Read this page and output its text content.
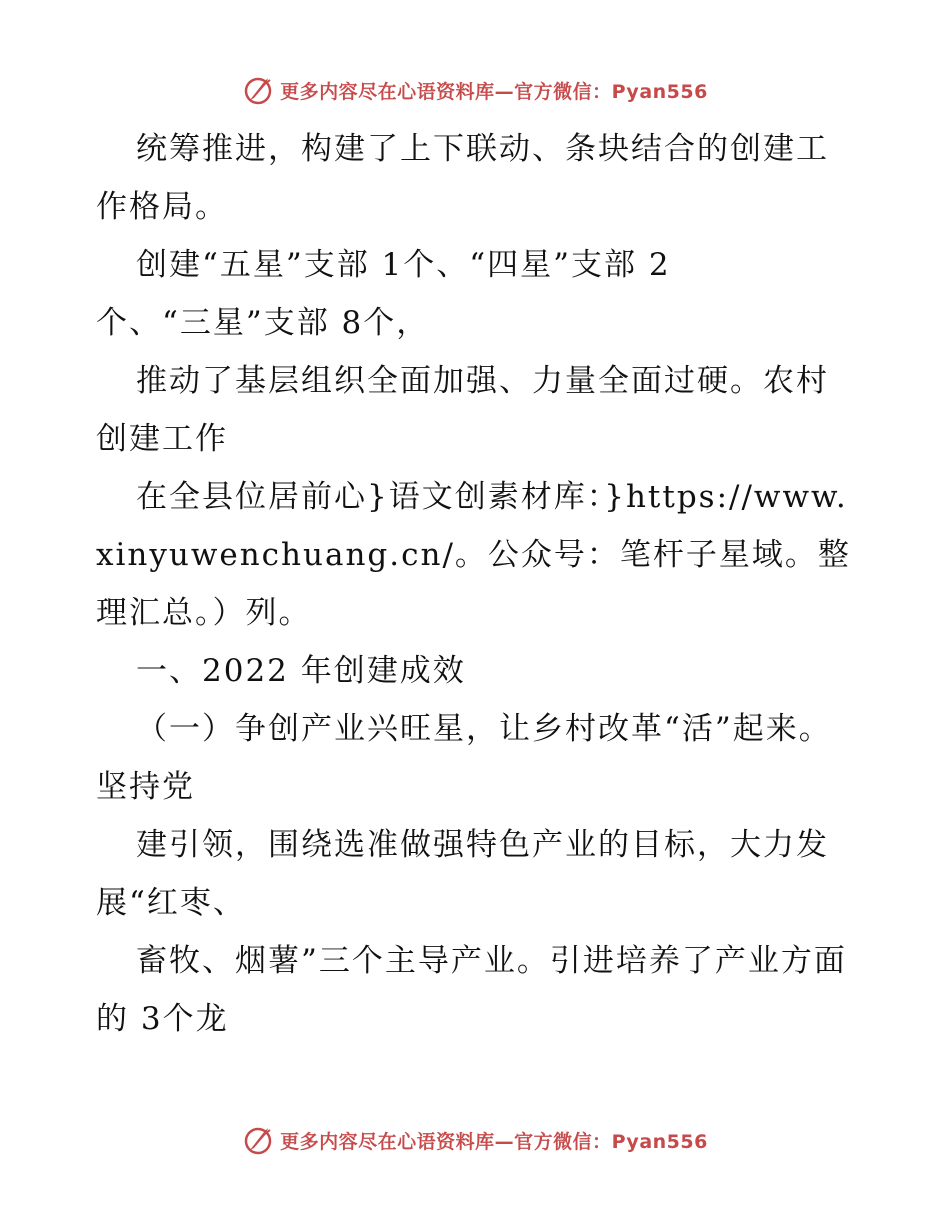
更多内容尽在心语资料库—官方微信：Pyan556

统筹推进，构建了上下联动、条块结合的创建工作格局。

创建“五星”支部 1个、“四星”支部 2

个、“三星”支部 8个，

推动了基层组织全面加强、力量全面过硬。农村创建工作

在全县位居前心}语文创素材库：}https://www.xinyuwenchuang.cn/。公众号：笔杆子星域。整理汇总。）列。

一、2022 年创建成效

（一）争创产业兴旺星，让乡村改革“活”起来。坚持党

建引领，围绕选准做强特色产业的目标，大力发展“红枣、

畜牧、烟薯”三个主导产业。引进培养了产业方面的 3个龙

更多内容尽在心语资料库—官方微信：Pyan556
